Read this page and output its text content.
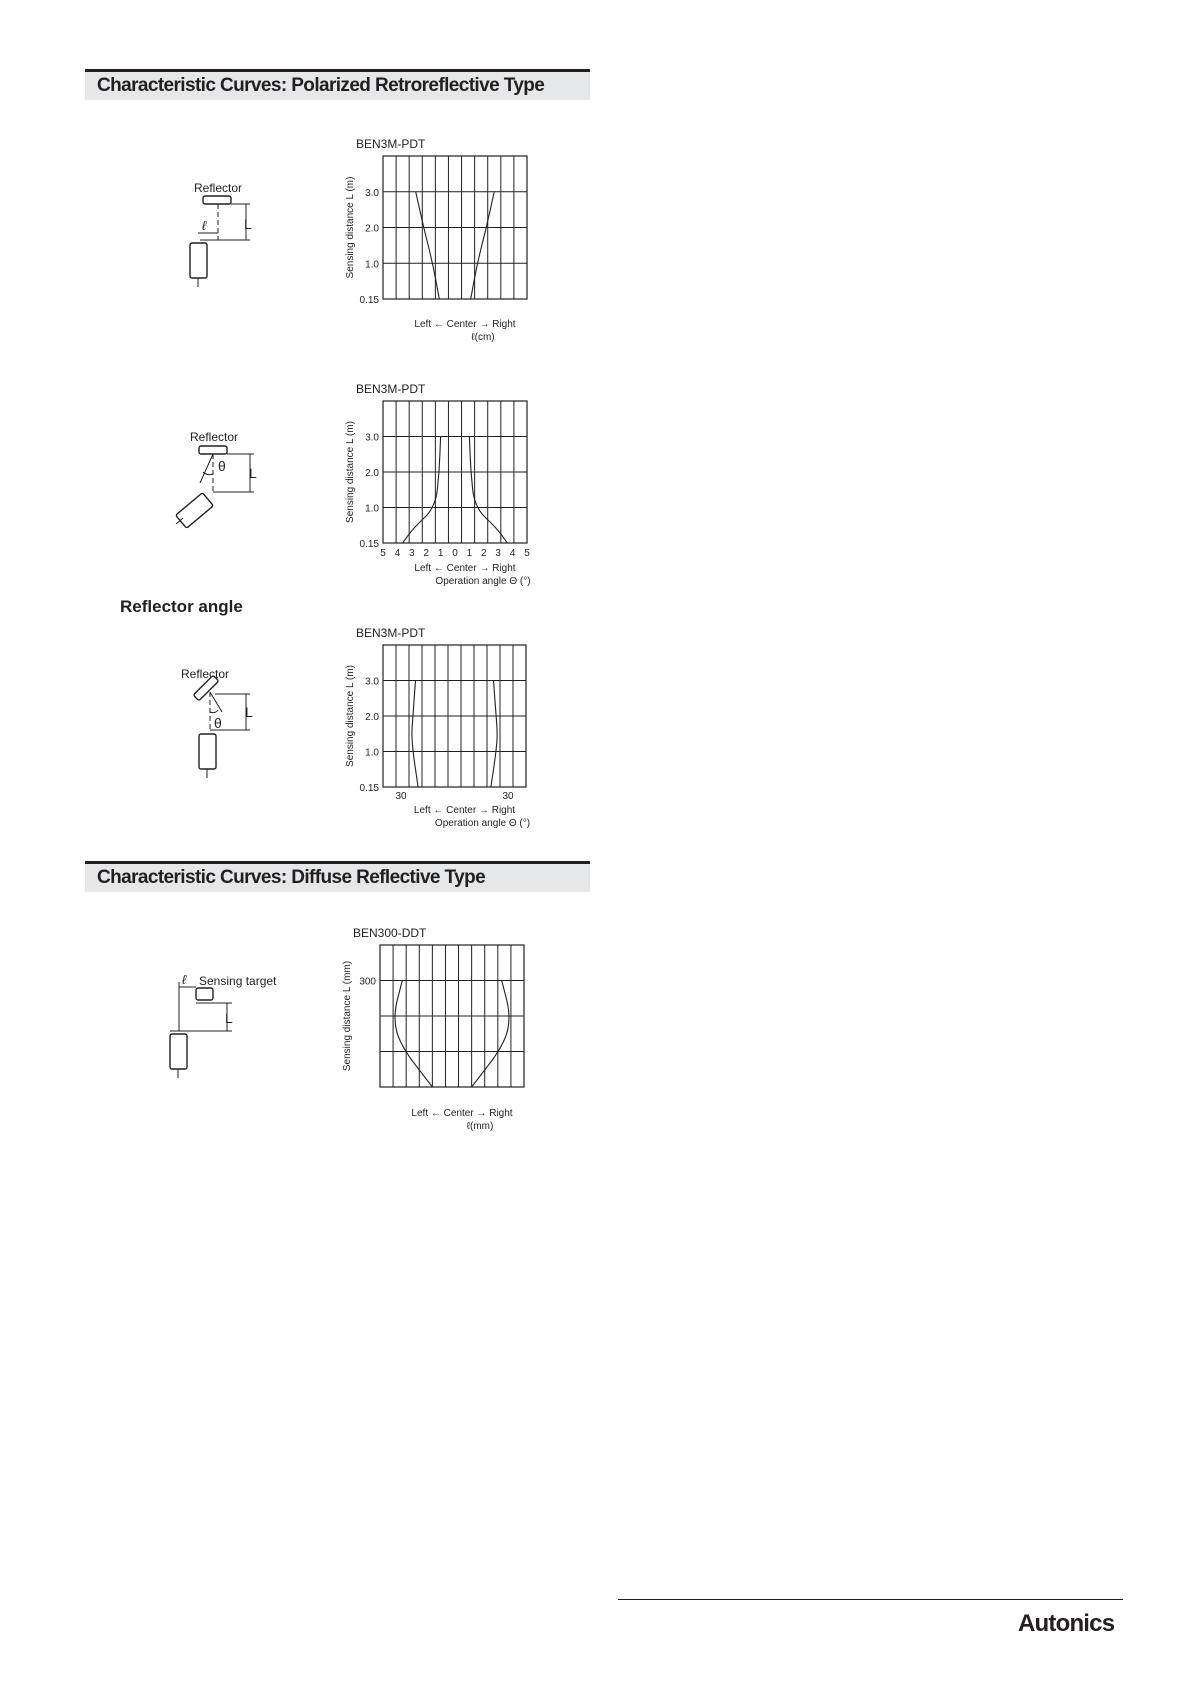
Characteristic Curves: Polarized Retroreflective Type
Characteristic Curves: Diffuse Reflective Type
Reflector angle
Reflector
L
ℓ
Reflector
θ L
Reflector
θ
L
ℓ Sensing target
L
BEN3M-PDT
3.0
2.0
1.0
0.15
Sensing distance L (m)
Left ← Center → Right
ℓ(cm)
BEN3M-PDT
3.0
2.0
1.0
0.15
Sensing distance L (m)
5 4 3 2 1 0 1 2 3 4 5
Left ← Center → Right
Operation angle Θ (°)
BEN3M-PDT
3.0
2.0
1.0
0.15
Sensing distance L (m)
30	30
Left ← Center → Right
Operation angle Θ (°)
BEN300-DDT
300
Sensing distance L (mm)
Left ← Center → Right
ℓ(mm)
Autonics
